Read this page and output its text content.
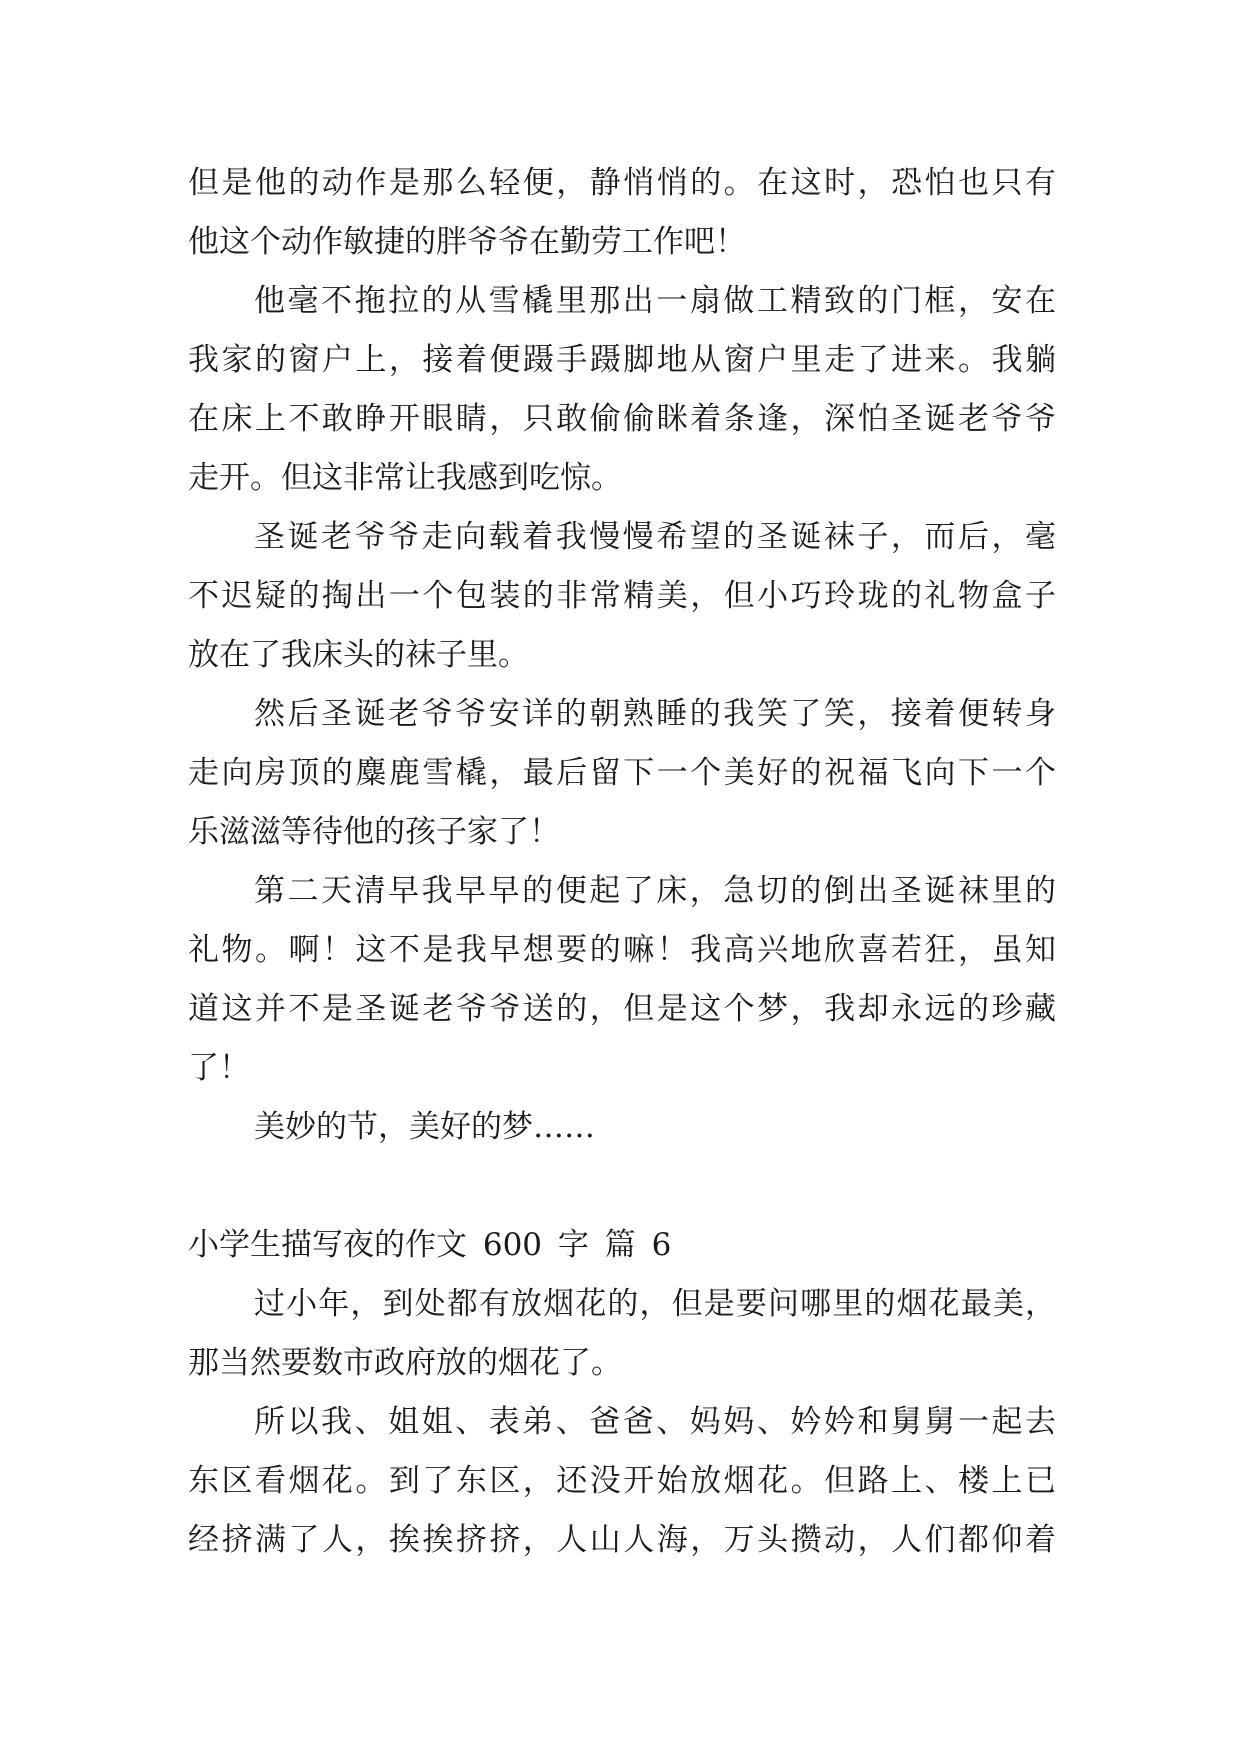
但是他的动作是那么轻便，静悄悄的。在这时，恐怕也只有
他这个动作敏捷的胖爷爷在勤劳工作吧！
他毫不拖拉的从雪橇里那出一扇做工精致的门框，安在
我家的窗户上，接着便蹑手蹑脚地从窗户里走了进来。我躺
在床上不敢睁开眼睛，只敢偷偷眯着条逢，深怕圣诞老爷爷
走开。但这非常让我感到吃惊。
圣诞老爷爷走向载着我慢慢希望的圣诞袜子，而后，毫
不迟疑的掏出一个包装的非常精美，但小巧玲珑的礼物盒子
放在了我床头的袜子里。
然后圣诞老爷爷安详的朝熟睡的我笑了笑，接着便转身
走向房顶的麋鹿雪橇，最后留下一个美好的祝福飞向下一个
乐滋滋等待他的孩子家了！
第二天清早我早早的便起了床，急切的倒出圣诞袜里的
礼物。啊！这不是我早想要的嘛！我高兴地欣喜若狂，虽知
道这并不是圣诞老爷爷送的，但是这个梦，我却永远的珍藏
了！
美妙的节，美好的梦……
小学生描写夜的作文 600 字 篇 6
过小年，到处都有放烟花的，但是要问哪里的烟花最美，
那当然要数市政府放的烟花了。
所以我、姐姐、表弟、爸爸、妈妈、妗妗和舅舅一起去
东区看烟花。到了东区，还没开始放烟花。但路上、楼上已
经挤满了人，挨挨挤挤，人山人海，万头攒动，人们都仰着
